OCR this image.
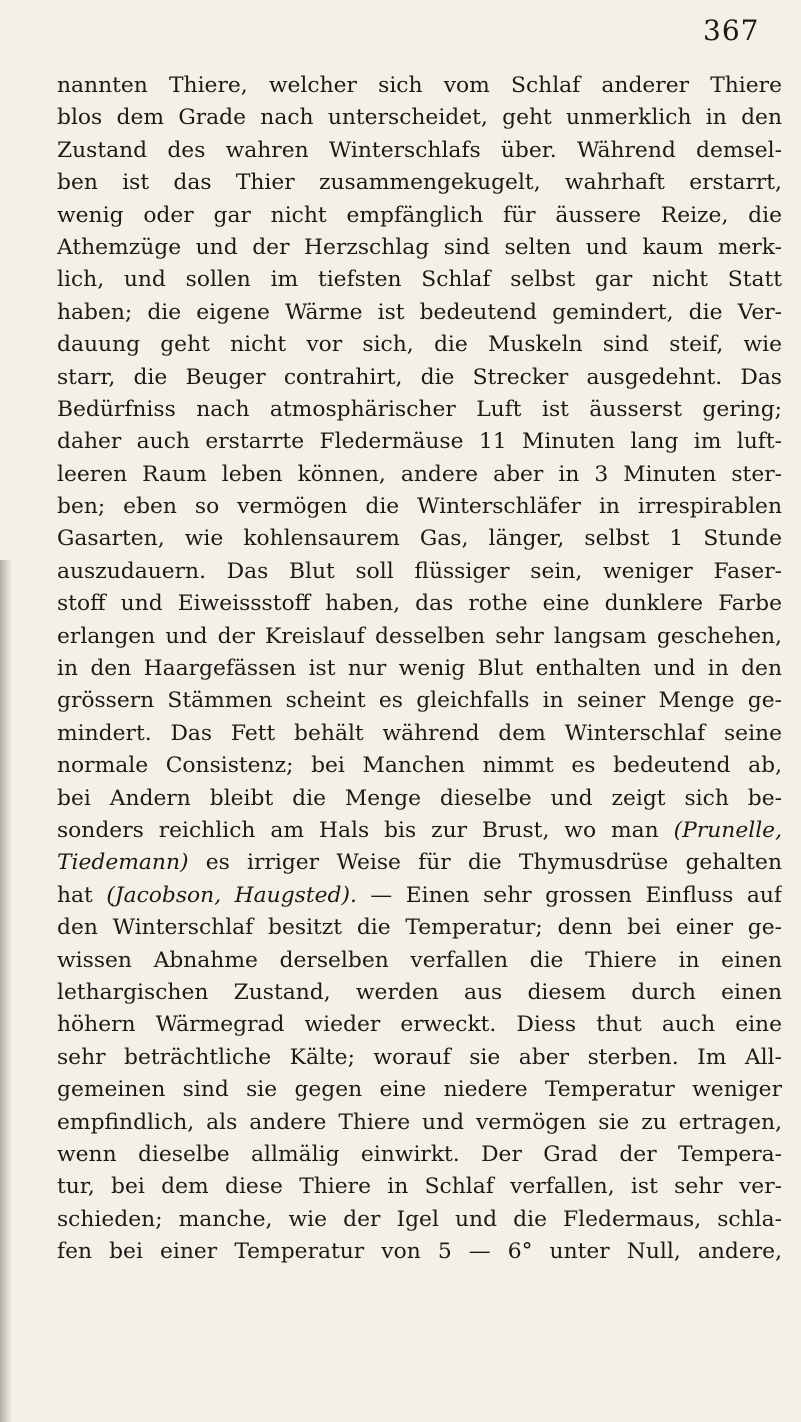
367
nannten Thiere, welcher sich vom Schlaf anderer Thiere
blos dem Grade nach unterscheidet, geht unmerklich in den
Zustand des wahren Winterschlafs über. Während demsel-
ben ist das Thier zusammengekugelt, wahrhaft erstarrt,
wenig oder gar nicht empfänglich für äussere Reize, die
Athemzüge und der Herzschlag sind selten und kaum merk-
lich, und sollen im tiefsten Schlaf selbst gar nicht Statt
haben; die eigene Wärme ist bedeutend gemindert, die Ver-
dauung geht nicht vor sich, die Muskeln sind steif, wie
starr, die Beuger contrahirt, die Strecker ausgedehnt. Das
Bedürfniss nach atmosphärischer Luft ist äusserst gering;
daher auch erstarrte Fledermäuse 11 Minuten lang im luft-
leeren Raum leben können, andere aber in 3 Minuten ster-
ben; eben so vermögen die Winterschläfer in irrespirablen
Gasarten, wie kohlensaurem Gas, länger, selbst 1 Stunde
auszudauern. Das Blut soll flüssiger sein, weniger Faser-
stoff und Eiweissstoff haben, das rothe eine dunklere Farbe
erlangen und der Kreislauf desselben sehr langsam geschehen,
in den Haargefässen ist nur wenig Blut enthalten und in den
grössern Stämmen scheint es gleichfalls in seiner Menge ge-
mindert. Das Fett behält während dem Winterschlaf seine
normale Consistenz; bei Manchen nimmt es bedeutend ab,
bei Andern bleibt die Menge dieselbe und zeigt sich be-
sonders reichlich am Hals bis zur Brust, wo man (Prunelle,
Tiedemann) es irriger Weise für die Thymusdrüse gehalten
hat (Jacobson, Haugsted). — Einen sehr grossen Einfluss auf
den Winterschlaf besitzt die Temperatur; denn bei einer ge-
wissen Abnahme derselben verfallen die Thiere in einen
lethargischen Zustand, werden aus diesem durch einen
höhern Wärmegrad wieder erweckt. Diess thut auch eine
sehr beträchtliche Kälte; worauf sie aber sterben. Im All-
gemeinen sind sie gegen eine niedere Temperatur weniger
empfindlich, als andere Thiere und vermögen sie zu ertragen,
wenn dieselbe allmälig einwirkt. Der Grad der Tempera-
tur, bei dem diese Thiere in Schlaf verfallen, ist sehr ver-
schieden; manche, wie der Igel und die Fledermaus, schla-
fen bei einer Temperatur von 5 — 6° unter Null, andere,
